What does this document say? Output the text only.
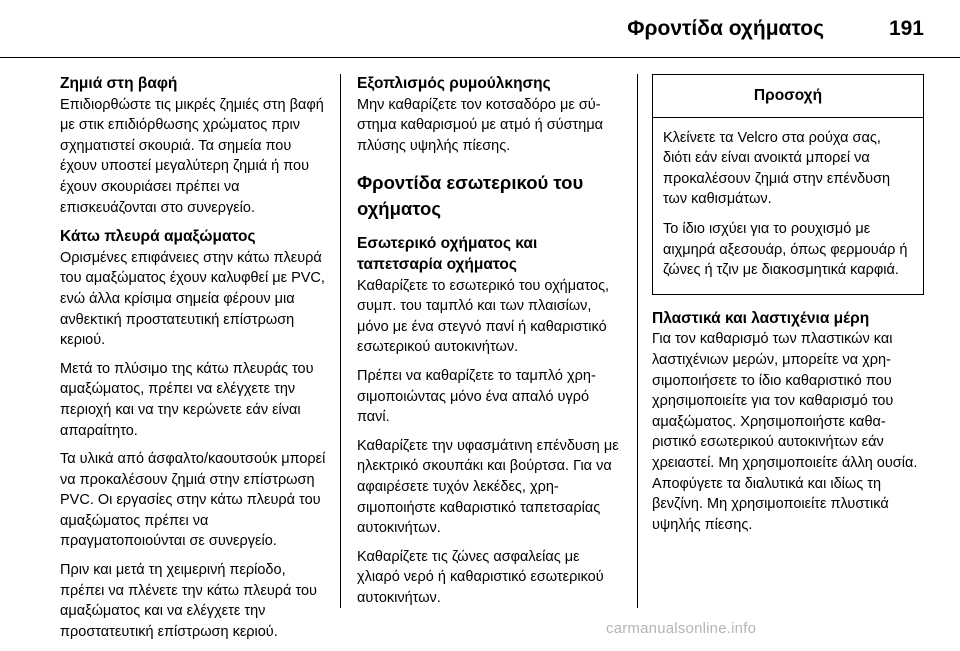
Φροντίδα οχήματος	191
Ζημιά στη βαφή

Επιδιορθώστε τις μικρές ζημιές στη βαφή με στικ επιδιόρθωσης χρώματος πριν σχηματιστεί σκουριά. Τα σημεία που έχουν υποστεί μεγαλύτερη ζημιά ή που έχουν σκουριάσει πρέπει να επισκευάζονται στο συνεργείο.

Κάτω πλευρά αμαξώματος

Ορισμένες επιφάνειες στην κάτω πλευρά του αμαξώματος έχουν καλυφθεί με PVC, ενώ άλλα κρίσιμα σημεία φέρουν μια ανθεκτική προστατευτική επίστρωση κεριού.

Μετά το πλύσιμο της κάτω πλευράς του αμαξώματος, πρέπει να ελέγχετε την περιοχή και να την κερώνετε εάν είναι απαραίτητο.

Τα υλικά από άσφαλτο/καουτσούκ μπορεί να προκαλέσουν ζημιά στην επίστρωση PVC. Οι εργασίες στην κάτω πλευρά του αμαξώματος πρέπει να πραγματοποιούνται σε συνεργείο.

Πριν και μετά τη χειμερινή περίοδο, πρέπει να πλένετε την κάτω πλευρά του αμαξώματος και να ελέγχετε την προστατευτική επίστρωση κεριού.

Εξοπλισμός ρυμούλκησης

Μην καθαρίζετε τον κοτσαδόρο με σύστημα καθαρισμού με ατμό ή σύστημα πλύσης υψηλής πίεσης.

Φροντίδα εσωτερικού του οχήματος
Εσωτερικό οχήματος και ταπετσαρία οχήματος

Καθαρίζετε το εσωτερικό του οχήματος, συμπ. του ταμπλό και των πλαισίων, μόνο με ένα στεγνό πανί ή καθαριστικό εσωτερικού αυτοκινήτων.

Πρέπει να καθαρίζετε το ταμπλό χρησιμοποιώντας μόνο ένα απαλό υγρό πανί.

Καθαρίζετε την υφασμάτινη επένδυση με ηλεκτρικό σκουπάκι και βούρτσα. Για να αφαιρέσετε τυχόν λεκέδες, χρησιμοποιήστε καθαριστικό ταπετσαρίας αυτοκινήτων.

Καθαρίζετε τις ζώνες ασφαλείας με χλιαρό νερό ή καθαριστικό εσωτερικού αυτοκινήτων.

Προσοχή

Κλείνετε τα Velcro στα ρούχα σας, διότι εάν είναι ανοικτά μπορεί να προκαλέσουν ζημιά στην επένδυση των καθισμάτων.

Το ίδιο ισχύει για το ρουχισμό με αιχμηρά αξεσουάρ, όπως φερμουάρ ή ζώνες ή τζιν με διακοσμητικά καρφιά.

Πλαστικά και λαστιχένια μέρη

Για τον καθαρισμό των πλαστικών και λαστιχένιων μερών, μπορείτε να χρησιμοποιήσετε το ίδιο καθαριστικό που χρησιμοποιείτε για τον καθαρισμό του αμαξώματος. Χρησιμοποιήστε καθαριστικό εσωτερικού αυτοκινήτων εάν χρειαστεί. Μη χρησιμοποιείτε άλλη ουσία. Αποφύγετε τα διαλυτικά και ιδίως τη βενζίνη. Μη χρησιμοποιείτε πλυστικά υψηλής πίεσης.

carmanualsonline.info
